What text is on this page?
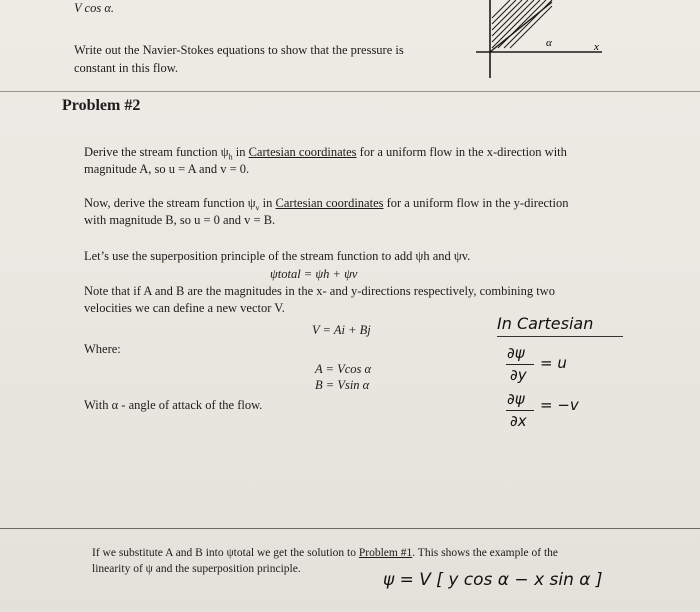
V cos α.
Write out the Navier-Stokes equations to show that the pressure is
constant in this flow.
α	x
Problem #2
Derive the stream function $\psi_h$ in Cartesian coordinates for a uniform flow in the x-direction with
magnitude A, so u = A and v = 0.
Now, derive the stream function $\psi_v$ in Cartesian coordinates for a uniform flow in the y-direction
with magnitude B, so u = 0 and v = B.
Let’s use the superposition principle of the stream function to add ψh and ψv.
ψtotal = ψh + ψv
Note that if A and B are the magnitudes in the x- and y-directions respectively, combining two
velocities we can define a new vector V.
V = Ai + Bj
Where:
A = Vcos α
B = Vsin α
With α - angle of attack of the flow.
In Cartesian
∂ψ
∂y
= u
∂ψ
∂x
= −v
If we substitute A and B into ψtotal we get the solution to Problem #1. This shows the example of the
linearity of ψ and the superposition principle.
ψ = V [ y cos α − x sin α ]
